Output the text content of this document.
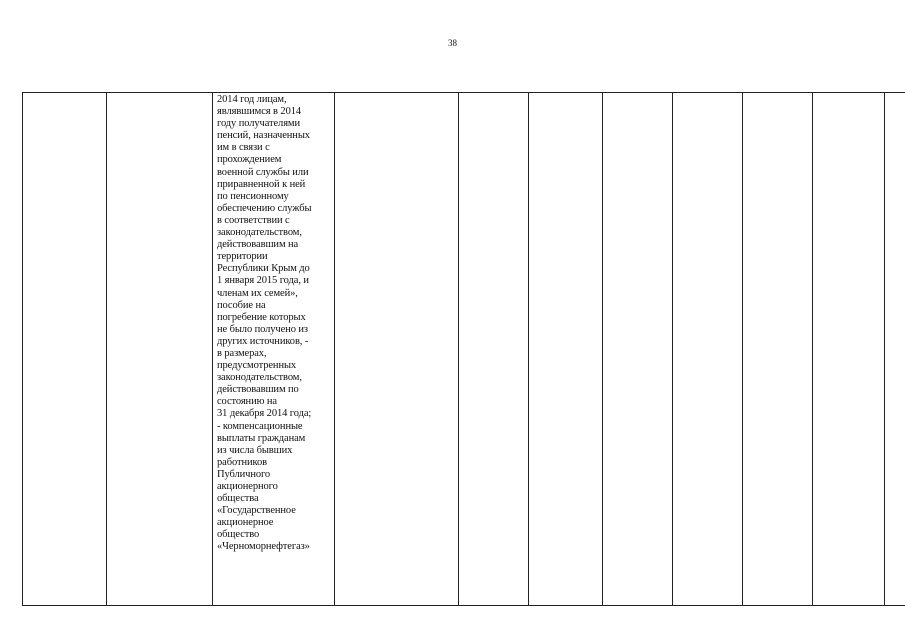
38

2014 год лицам,
являвшимся в 2014
году получателями
пенсий, назначенных
им в связи с
прохождением
военной службы или
приравненной к ней
по пенсионному
обеспечению службы
в соответствии с
законодательством,
действовавшим на
территории
Республики Крым до
1 января 2015 года, и
членам их семей»,
пособие на
погребение которых
не было получено из
других источников, -
в размерах,
предусмотренных
законодательством,
действовавшим по
состоянию на
31 декабря 2014 года;
- компенсационные
выплаты гражданам
из числа бывших
работников
Публичного
акционерного
общества
«Государственное
акционерное
общество
«Черноморнефтегаз»
